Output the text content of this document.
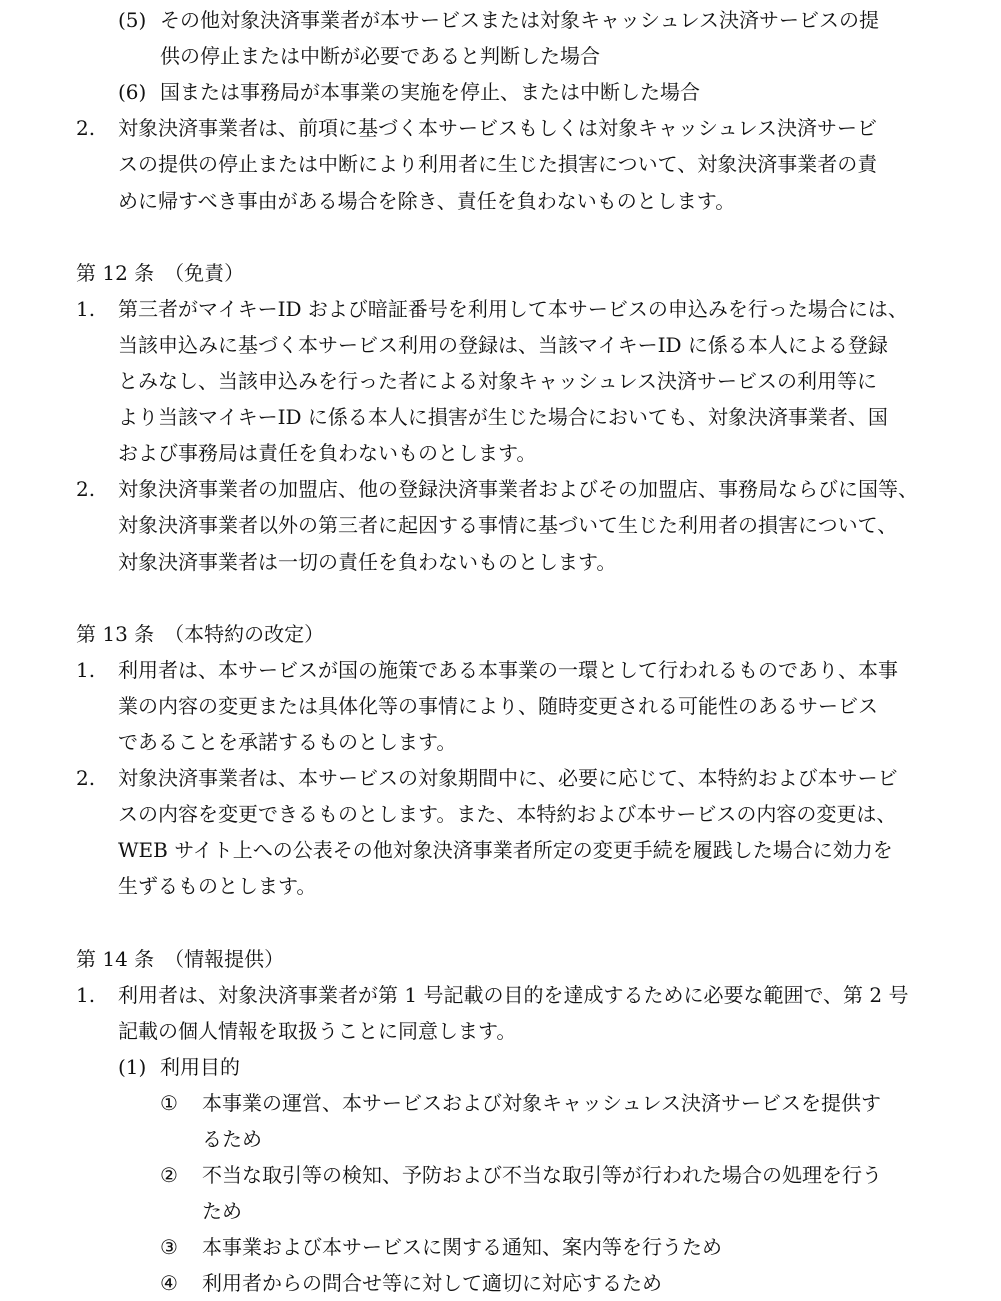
(5) その他対象決済事業者が本サービスまたは対象キャッシュレス決済サービスの提
供の停止または中断が必要であると判断した場合
(6) 国または事務局が本事業の実施を停止、または中断した場合
2. 対象決済事業者は、前項に基づく本サービスもしくは対象キャッシュレス決済サービ
スの提供の停止または中断により利用者に生じた損害について、対象決済事業者の責
めに帰すべき事由がある場合を除き、責任を負わないものとします。
第 12 条　（免責）
1. 第三者がマイキーID および暗証番号を利用して本サービスの申込みを行った場合には、
当該申込みに基づく本サービス利用の登録は、当該マイキーID に係る本人による登録
とみなし、当該申込みを行った者による対象キャッシュレス決済サービスの利用等に
より当該マイキーID に係る本人に損害が生じた場合においても、対象決済事業者、国
および事務局は責任を負わないものとします。
2. 対象決済事業者の加盟店、他の登録決済事業者およびその加盟店、事務局ならびに国等、
対象決済事業者以外の第三者に起因する事情に基づいて生じた利用者の損害について、
対象決済事業者は一切の責任を負わないものとします。
第 13 条　（本特約の改定）
1. 利用者は、本サービスが国の施策である本事業の一環として行われるものであり、本事
業の内容の変更または具体化等の事情により、随時変更される可能性のあるサービス
であることを承諾するものとします。
2. 対象決済事業者は、本サービスの対象期間中に、必要に応じて、本特約および本サービ
スの内容を変更できるものとします。また、本特約および本サービスの内容の変更は、
WEB サイト上への公表その他対象決済事業者所定の変更手続を履践した場合に効力を
生ずるものとします。
第 14 条　（情報提供）
1. 利用者は、対象決済事業者が第 1 号記載の目的を達成するために必要な範囲で、第 2 号
記載の個人情報を取扱うことに同意します。
(1) 利用目的
① 本事業の運営、本サービスおよび対象キャッシュレス決済サービスを提供す
るため
② 不当な取引等の検知、予防および不当な取引等が行われた場合の処理を行う
ため
③ 本事業および本サービスに関する通知、案内等を行うため
④ 利用者からの問合せ等に対して適切に対応するため
